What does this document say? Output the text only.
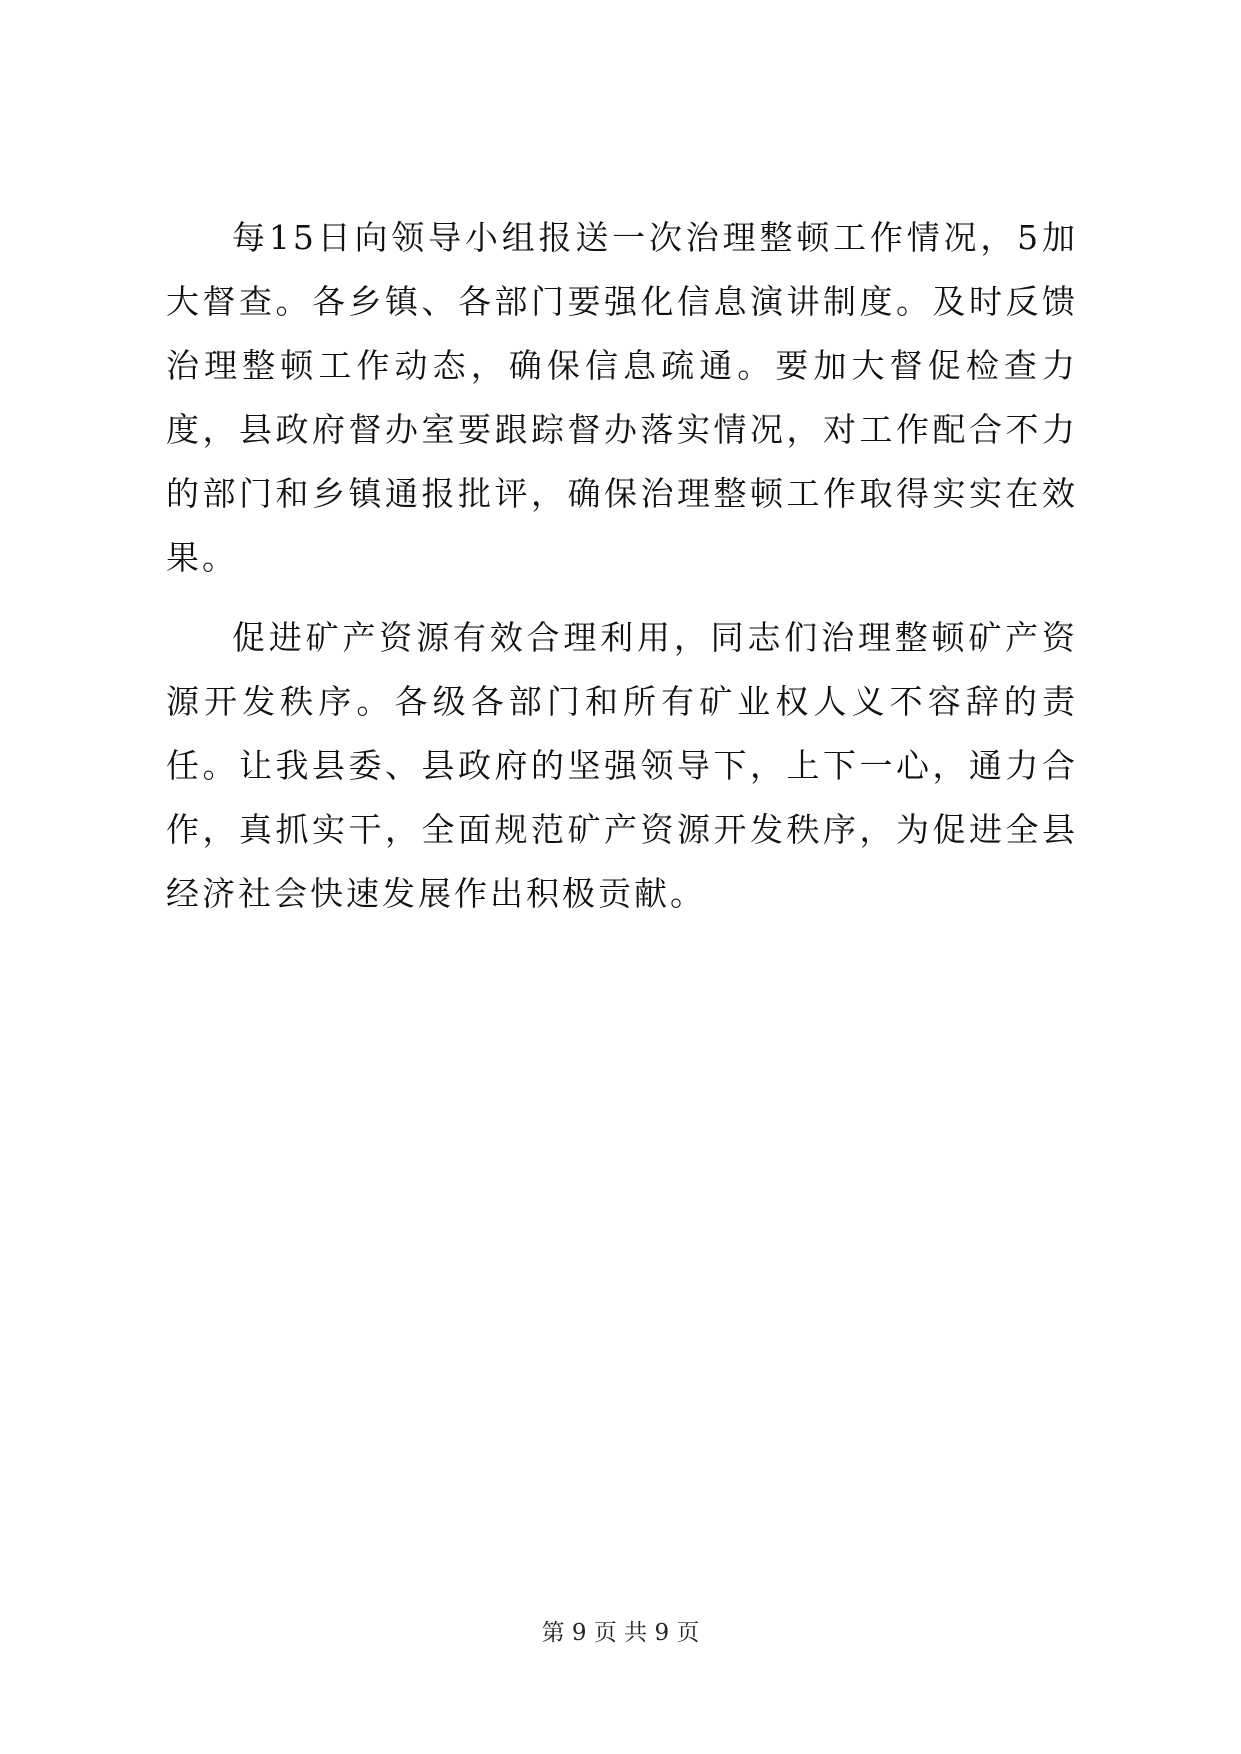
每15日向领导小组报送一次治理整顿工作情况，5加大督查。各乡镇、各部门要强化信息演讲制度。及时反馈治理整顿工作动态，确保信息疏通。要加大督促检查力度，县政府督办室要跟踪督办落实情况，对工作配合不力的部门和乡镇通报批评，确保治理整顿工作取得实实在效果。

促进矿产资源有效合理利用，同志们治理整顿矿产资源开发秩序。各级各部门和所有矿业权人义不容辞的责任。让我县委、县政府的坚强领导下，上下一心，通力合作，真抓实干，全面规范矿产资源开发秩序，为促进全县经济社会快速发展作出积极贡献。

第 9 页 共 9 页
